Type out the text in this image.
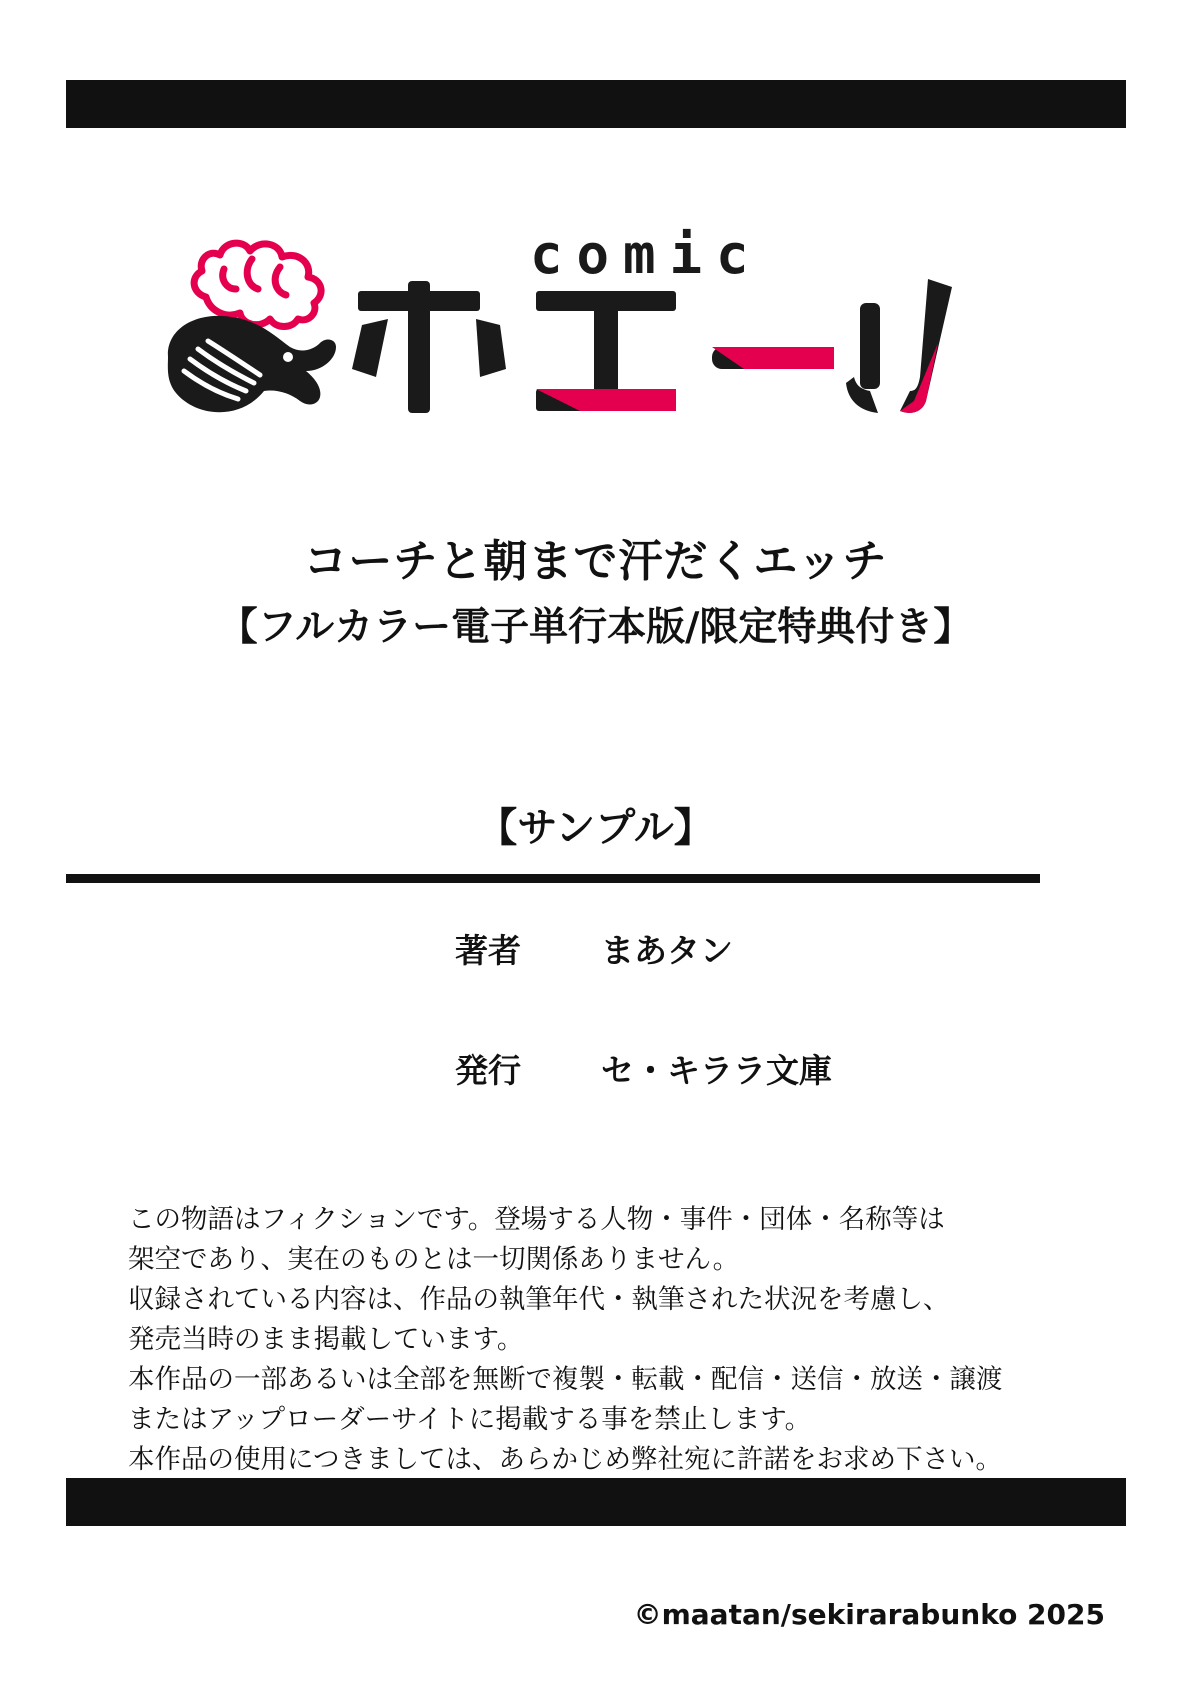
comic
コーチと朝まで汗だくエッチ
【フルカラー電子単行本版/限定特典付き】
【サンプル】
著者	まあタン
発行	セ・キララ文庫
この物語はフィクションです。登場する人物・事件・団体・名称等は
架空であり、実在のものとは一切関係ありません。
収録されている内容は、作品の執筆年代・執筆された状況を考慮し、
発売当時のまま掲載しています。
本作品の一部あるいは全部を無断で複製・転載・配信・送信・放送・譲渡
またはアップローダーサイトに掲載する事を禁止します。
本作品の使用につきましては、あらかじめ弊社宛に許諾をお求め下さい。
©maatan/sekirarabunko 2025
